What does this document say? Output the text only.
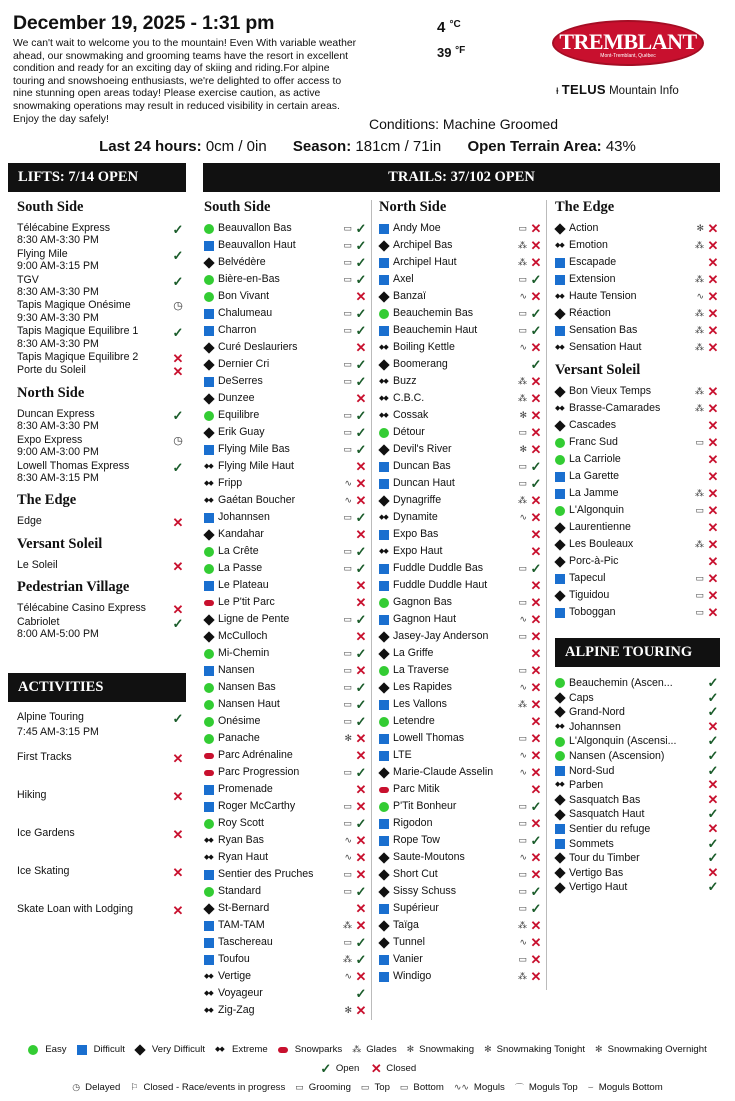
December 19, 2025 - 1:31 pm
We can't wait to welcome you to the mountain! Even With variable weather ahead, our snowmaking and grooming teams have the resort in excellent condition and ready for an exciting day of skiing and riding.For alpine touring and snowshoeing enthusiasts, we're delighted to offer access to nine stunning open areas today! Please exercise caution, as active snowmaking operations may result in reduced visibility in certain areas. Enjoy the day safely!
4 $^{^\circ C}$
39 $^{^\circ F}$	TREMBLANT
Mont-Tremblant, Québec
ᵻ TELUS Mountain Info
Conditions: Machine Groomed
Last 24 hours: 0cm / 0in Season: 181cm / 71in Open Terrain Area: 43%
LIFTS: 7/14 OPEN	TRAILS: 37/102 OPEN
ACTIVITIES
ALPINE TOURING
South Side
Télécabine Express
8:30 AM-3:30 PM
✓
Flying Mile
9:00 AM-3:15 PM
✓
TGV
8:30 AM-3:30 PM
✓
Tapis Magique Onésime
9:30 AM-3:30 PM
◷
Tapis Magique Equilibre 1
8:30 AM-3:30 PM
✓
Tapis Magique Equilibre 2	✕
Porte du Soleil	✕
North Side
Duncan Express
8:30 AM-3:30 PM
✓
Expo Express
9:00 AM-3:00 PM
◷
Lowell Thomas Express
8:30 AM-3:15 PM
✓
The Edge
Edge	✕
Versant Soleil
Le Soleil	✕
Pedestrian Village
Télécabine Casino Express	✕
Cabriolet
8:00 AM-5:00 PM
✓
Alpine Touring
7:45 AM-3:15 PM
✓
First Tracks	✕
Hiking	✕
Ice Gardens	✕
Ice Skating	✕
Skate Loan with Lodging	✕
South Side
Beauvallon Bas	▭ ✓
Beauvallon Haut	▭ ✓
Belvédère	▭ ✓
Bière-en-Bas	▭ ✓
Bon Vivant	✕
Chalumeau	▭ ✓
Charron	▭ ✓
Curé Deslauriers	✕
Dernier Cri	▭ ✓
DeSerres	▭ ✓
Dunzee	✕
Equilibre	▭ ✓
Erik Guay	▭ ✓
Flying Mile Bas	▭ ✓
◆◆ Flying Mile Haut	✕
◆◆ Fripp	∿ ✕
◆◆ Gaétan Boucher	∿ ✕
Johannsen	▭ ✓
Kandahar	✕
La Crête	▭ ✓
La Passe	▭ ✓
Le Plateau	✕
Le P'tit Parc	✕
Ligne de Pente	▭ ✓
McCulloch	✕
Mi-Chemin	▭ ✓
Nansen	▭ ✕
Nansen Bas	▭ ✓
Nansen Haut	▭ ✓
Onésime	▭ ✓
Panache	✻ ✕
Parc Adrénaline	✕
Parc Progression	▭ ✓
Promenade	✕
Roger McCarthy	▭ ✕
Roy Scott	▭ ✓
◆◆ Ryan Bas	∿ ✕
◆◆ Ryan Haut	∿ ✕
Sentier des Pruches	▭ ✕
Standard	▭ ✓
St-Bernard	✕
TAM-TAM	⁂ ✕
Taschereau	▭ ✓
Toufou	⁂ ✓
◆◆ Vertige	∿ ✕
◆◆ Voyageur	✓
◆◆ Zig-Zag	✻ ✕
North Side
Andy Moe	▭ ✕
Archipel Bas	⁂ ✕
Archipel Haut	⁂ ✕
Axel	▭ ✓
Banzaï	∿ ✕
Beauchemin Bas	▭ ✓
Beauchemin Haut	▭ ✓
◆◆ Boiling Kettle	∿ ✕
Boomerang	✓
◆◆ Buzz	⁂ ✕
◆◆ C.B.C.	⁂ ✕
◆◆ Cossak	✻ ✕
Détour	▭ ✕
Devil's River	✻ ✕
Duncan Bas	▭ ✓
Duncan Haut	▭ ✓
Dynagriffe	⁂ ✕
◆◆ Dynamite	∿ ✕
Expo Bas	✕
◆◆ Expo Haut	✕
Fuddle Duddle Bas	▭ ✓
Fuddle Duddle Haut	✕
Gagnon Bas	▭ ✕
Gagnon Haut	∿ ✕
Jasey-Jay Anderson	▭ ✕
La Griffe	✕
La Traverse	▭ ✕
Les Rapides	∿ ✕
Les Vallons	⁂ ✕
Letendre	✕
Lowell Thomas	▭ ✕
LTE	∿ ✕
Marie-Claude Asselin	∿ ✕
Parc Mitik	✕
P'Tit Bonheur	▭ ✓
Rigodon	▭ ✕
Rope Tow	▭ ✓
Saute-Moutons	∿ ✕
Short Cut	▭ ✕
Sissy Schuss	▭ ✓
Supérieur	▭ ✓
Taïga	⁂ ✕
Tunnel	∿ ✕
Vanier	▭ ✕
Windigo	⁂ ✕
The Edge
Action	✻ ✕
◆◆ Emotion	⁂ ✕
Escapade	✕
Extension	⁂ ✕
◆◆ Haute Tension	∿ ✕
Réaction	⁂ ✕
Sensation Bas	⁂ ✕
◆◆ Sensation Haut	⁂ ✕
Versant Soleil
Bon Vieux Temps	⁂ ✕
◆◆ Brasse-Camarades	⁂ ✕
Cascades	✕
Franc Sud	▭ ✕
La Carriole	✕
La Garette	✕
La Jamme	⁂ ✕
L'Algonquin	▭ ✕
Laurentienne	✕
Les Bouleaux	⁂ ✕
Porc-à-Pic	✕
Tapecul	▭ ✕
Tiguidou	▭ ✕
Toboggan	▭ ✕
Beauchemin (Ascen...	✓
Caps	✓
Grand-Nord	✓
◆◆ Johannsen	✕
L'Algonquin (Ascensi...	✓
Nansen (Ascension)	✓
Nord-Sud	✓
◆◆ Parben	✕
Sasquatch Bas	✕
Sasquatch Haut	✓
Sentier du refuge	✕
Sommets	✓
Tour du Timber	✓
Vertigo Bas	✕
Vertigo Haut	✓
Easy	Difficult	Very Difficult ◆◆ Extreme	Snowparks ⁂ Glades ✻ Snowmaking ✻ Snowmaking Tonight ✻ Snowmaking Overnight
✓ Open ✕ Closed
◷ Delayed ⚐ Closed - Race/events in progress ▭ Grooming ▭ Top ▭ Bottom ∿∿ Moguls ⌒ Moguls Top ⌣ Moguls Bottom
